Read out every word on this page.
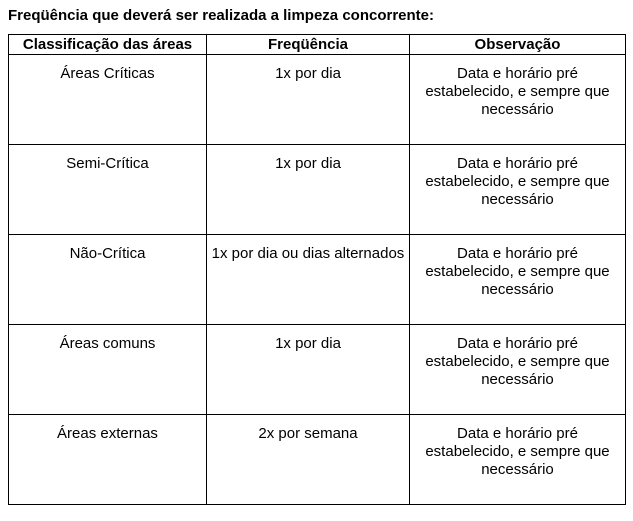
Freqüência que deverá ser realizada a limpeza concorrente:
Classificação das áreas	Freqüência	Observação
Áreas Críticas	1x por dia	Data e horário pré estabelecido, e sempre que necessário
Semi-Crítica	1x por dia	Data e horário pré estabelecido, e sempre que necessário
Não-Crítica	1x por dia ou dias alternados	Data e horário pré estabelecido, e sempre que necessário
Áreas comuns	1x por dia	Data e horário pré estabelecido, e sempre que necessário
Áreas externas	2x por semana	Data e horário pré estabelecido, e sempre que necessário
